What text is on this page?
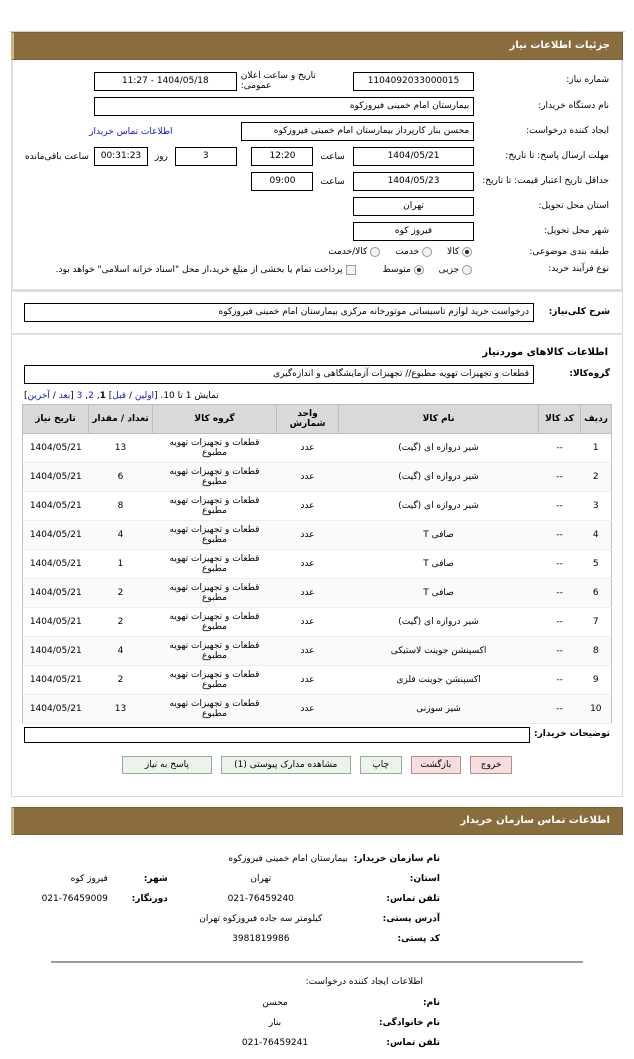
جزئیات اطلاعات نیاز
شماره نیاز:	1104092033000015	تاریخ و ساعت اعلان عمومی:	1404/05/18 - 11:27	

نام دستگاه خریدار:	بیمارستان امام خمینی فیروزکوه			

ایجاد کننده درخواست:	محسن بنار کارپرداز بیمارستان امام خمینی فیروزکوه		اطلاعات تماس خریدار	
مهلت ارسال پاسخ: تا تاریخ:	1404/05/21	ساعت 12:20	3 روز 00:31:23	ساعت باقی‌مانده
حداقل تاریخ اعتبار قیمت: تا تاریخ:	1404/05/23	ساعت 09:00		
استان محل تحویل:	تهران			

شهر محل تحویل:	فیروز کوه			

طبقه بندی موضوعی:	کالا خدمت کالا/خدمت			
نوع فرآیند خرید:	جزیی متوسط پرداخت تمام یا بخشی از مبلغ خرید،از محل "اسناد خزانه اسلامی" خواهد بود.			
شرح کلی‌نیاز:	
درخواست خرید لوازم تاسیساتی موتورخانه مرکزی بیمارستان امام خمینی فیروزکوه
اطلاعات کالاهای موردنیاز
گروه‌کالا:	
قطعات و تجهیزات تهویه مطبوع// تجهیزات آزمایشگاهی و اندازه‌گیری
نمایش 1 تا 10. [اولین / قبل] 1, 2, 3 [بعد / آخرین]
ردیف	کد کالا	نام کالا	واحد شمارش	گروه کالا	تعداد / مقدار	تاریخ نیاز
1	--	شیر دروازه ای (گیت)	عدد	قطعات و تجهیزات تهویه مطبوع	13	1404/05/21
2	--	شیر دروازه ای (گیت)	عدد	قطعات و تجهیزات تهویه مطبوع	6	1404/05/21
3	--	شیر دروازه ای (گیت)	عدد	قطعات و تجهیزات تهویه مطبوع	8	1404/05/21
4	--	صافی T	عدد	قطعات و تجهیزات تهویه مطبوع	4	1404/05/21
5	--	صافی T	عدد	قطعات و تجهیزات تهویه مطبوع	1	1404/05/21
6	--	صافی T	عدد	قطعات و تجهیزات تهویه مطبوع	2	1404/05/21
7	--	شیر دروازه ای (گیت)	عدد	قطعات و تجهیزات تهویه مطبوع	2	1404/05/21
8	--	اکسپنشن جوینت لاستیکی	عدد	قطعات و تجهیزات تهویه مطبوع	4	1404/05/21
9	--	اکسپنشن جوینت فلزی	عدد	قطعات و تجهیزات تهویه مطبوع	2	1404/05/21
10	--	شیر سوزنی	عدد	قطعات و تجهیزات تهویه مطبوع	13	1404/05/21
توضیحات خریدار:	
خروج بازگشت چاپ مشاهده مدارک پیوستی (1) پاسخ به نیاز
اطلاعات تماس سازمان خریدار
	نام سازمان خریدار:	بیمارستان امام خمینی فیروزکوه		
	استان:	تهران	شهر:	فیروز کوه
	تلفن تماس:	021-76459240	دورنگار:	021-76459009
	آدرس پستی:	کیلومتر سه جاده فیروزکوه تهران		
	کد پستی:	3981819986		
اطلاعات ایجاد کننده درخواست:
	نام:	محسن	
	نام خانوادگی:	بنار	
	تلفن تماس:	021-76459241	
